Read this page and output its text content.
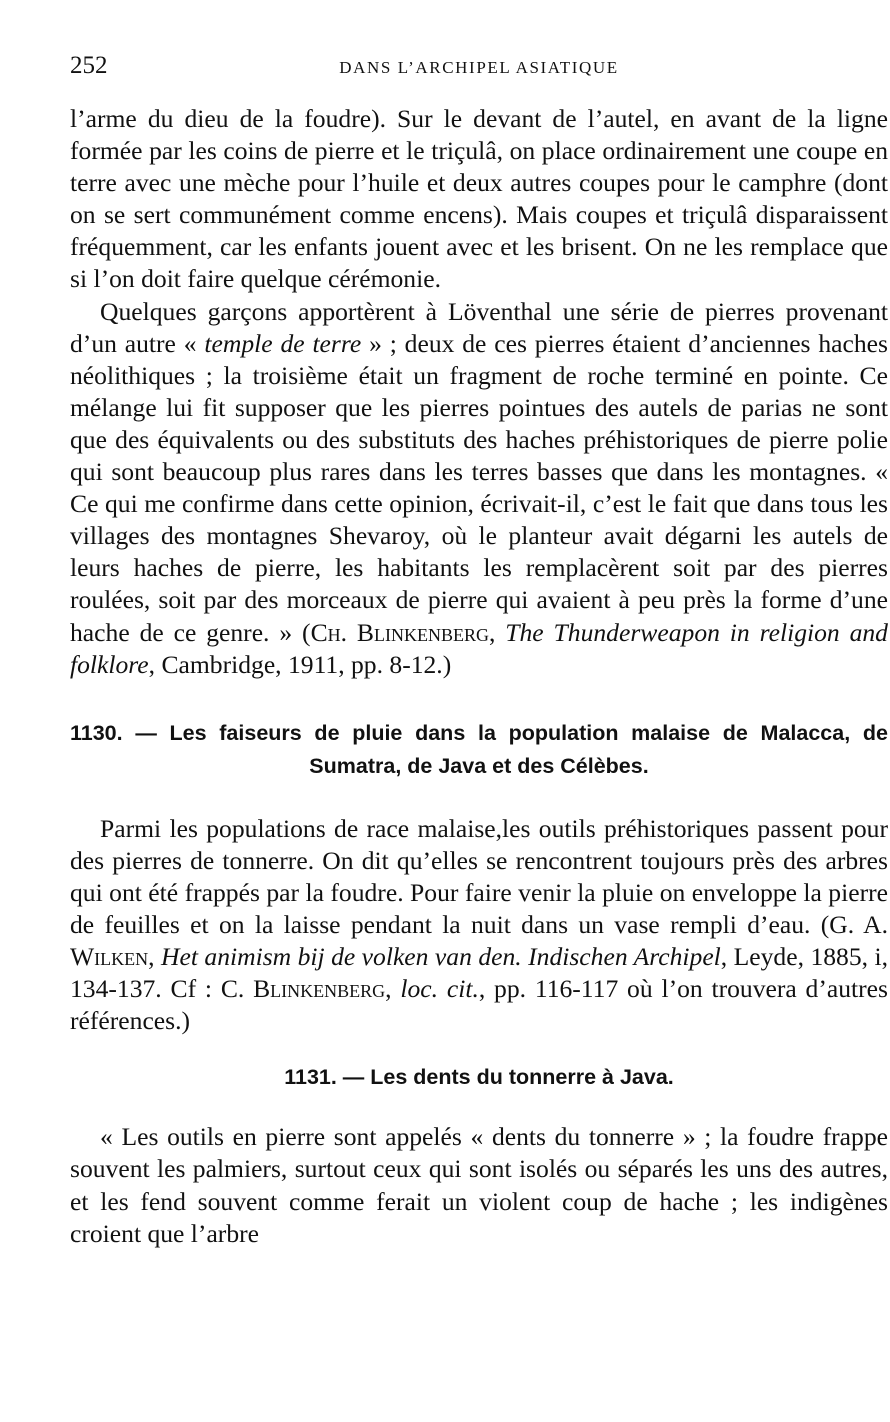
252	DANS L’ARCHIPEL ASIATIQUE

l’arme du dieu de la foudre). Sur le devant de l’autel, en avant de la ligne formée par les coins de pierre et le triçulâ, on place ordinairement une coupe en terre avec une mèche pour l’huile et deux autres coupes pour le camphre (dont on se sert communément comme encens). Mais coupes et triçulâ disparaissent fréquemment, car les enfants jouent avec et les brisent. On ne les remplace que si l’on doit faire quelque cérémonie.

Quelques garçons apportèrent à Löventhal une série de pierres provenant d’un autre « temple de terre » ; deux de ces pierres étaient d’anciennes haches néolithiques ; la troisième était un fragment de roche terminé en pointe. Ce mélange lui fit supposer que les pierres pointues des autels de parias ne sont que des équivalents ou des substituts des haches préhistoriques de pierre polie qui sont beaucoup plus rares dans les terres basses que dans les montagnes. « Ce qui me confirme dans cette opinion, écrivait-il, c’est le fait que dans tous les villages des montagnes Shevaroy, où le planteur avait dégarni les autels de leurs haches de pierre, les habitants les remplacèrent soit par des pierres roulées, soit par des morceaux de pierre qui avaient à peu près la forme d’une hache de ce genre. » (Ch. Blinkenberg, The Thunderweapon in religion and folklore, Cambridge, 1911, pp. 8-12.)

1130. — Les faiseurs de pluie dans la population malaise de Malacca, de Sumatra, de Java et des Célèbes.

Parmi les populations de race malaise,les outils préhistoriques passent pour des pierres de tonnerre. On dit qu’elles se rencontrent toujours près des arbres qui ont été frappés par la foudre. Pour faire venir la pluie on enveloppe la pierre de feuilles et on la laisse pendant la nuit dans un vase rempli d’eau. (G. A. Wilken, Het animism bij de volken van den. Indischen Archipel, Leyde, 1885, i, 134-137. Cf : C. Blinkenberg, loc. cit., pp. 116-117 où l’on trouvera d’autres références.)

1131. — Les dents du tonnerre à Java.

« Les outils en pierre sont appelés « dents du tonnerre » ; la foudre frappe souvent les palmiers, surtout ceux qui sont isolés ou séparés les uns des autres, et les fend souvent comme ferait un violent coup de hache ; les indigènes croient que l’arbre
